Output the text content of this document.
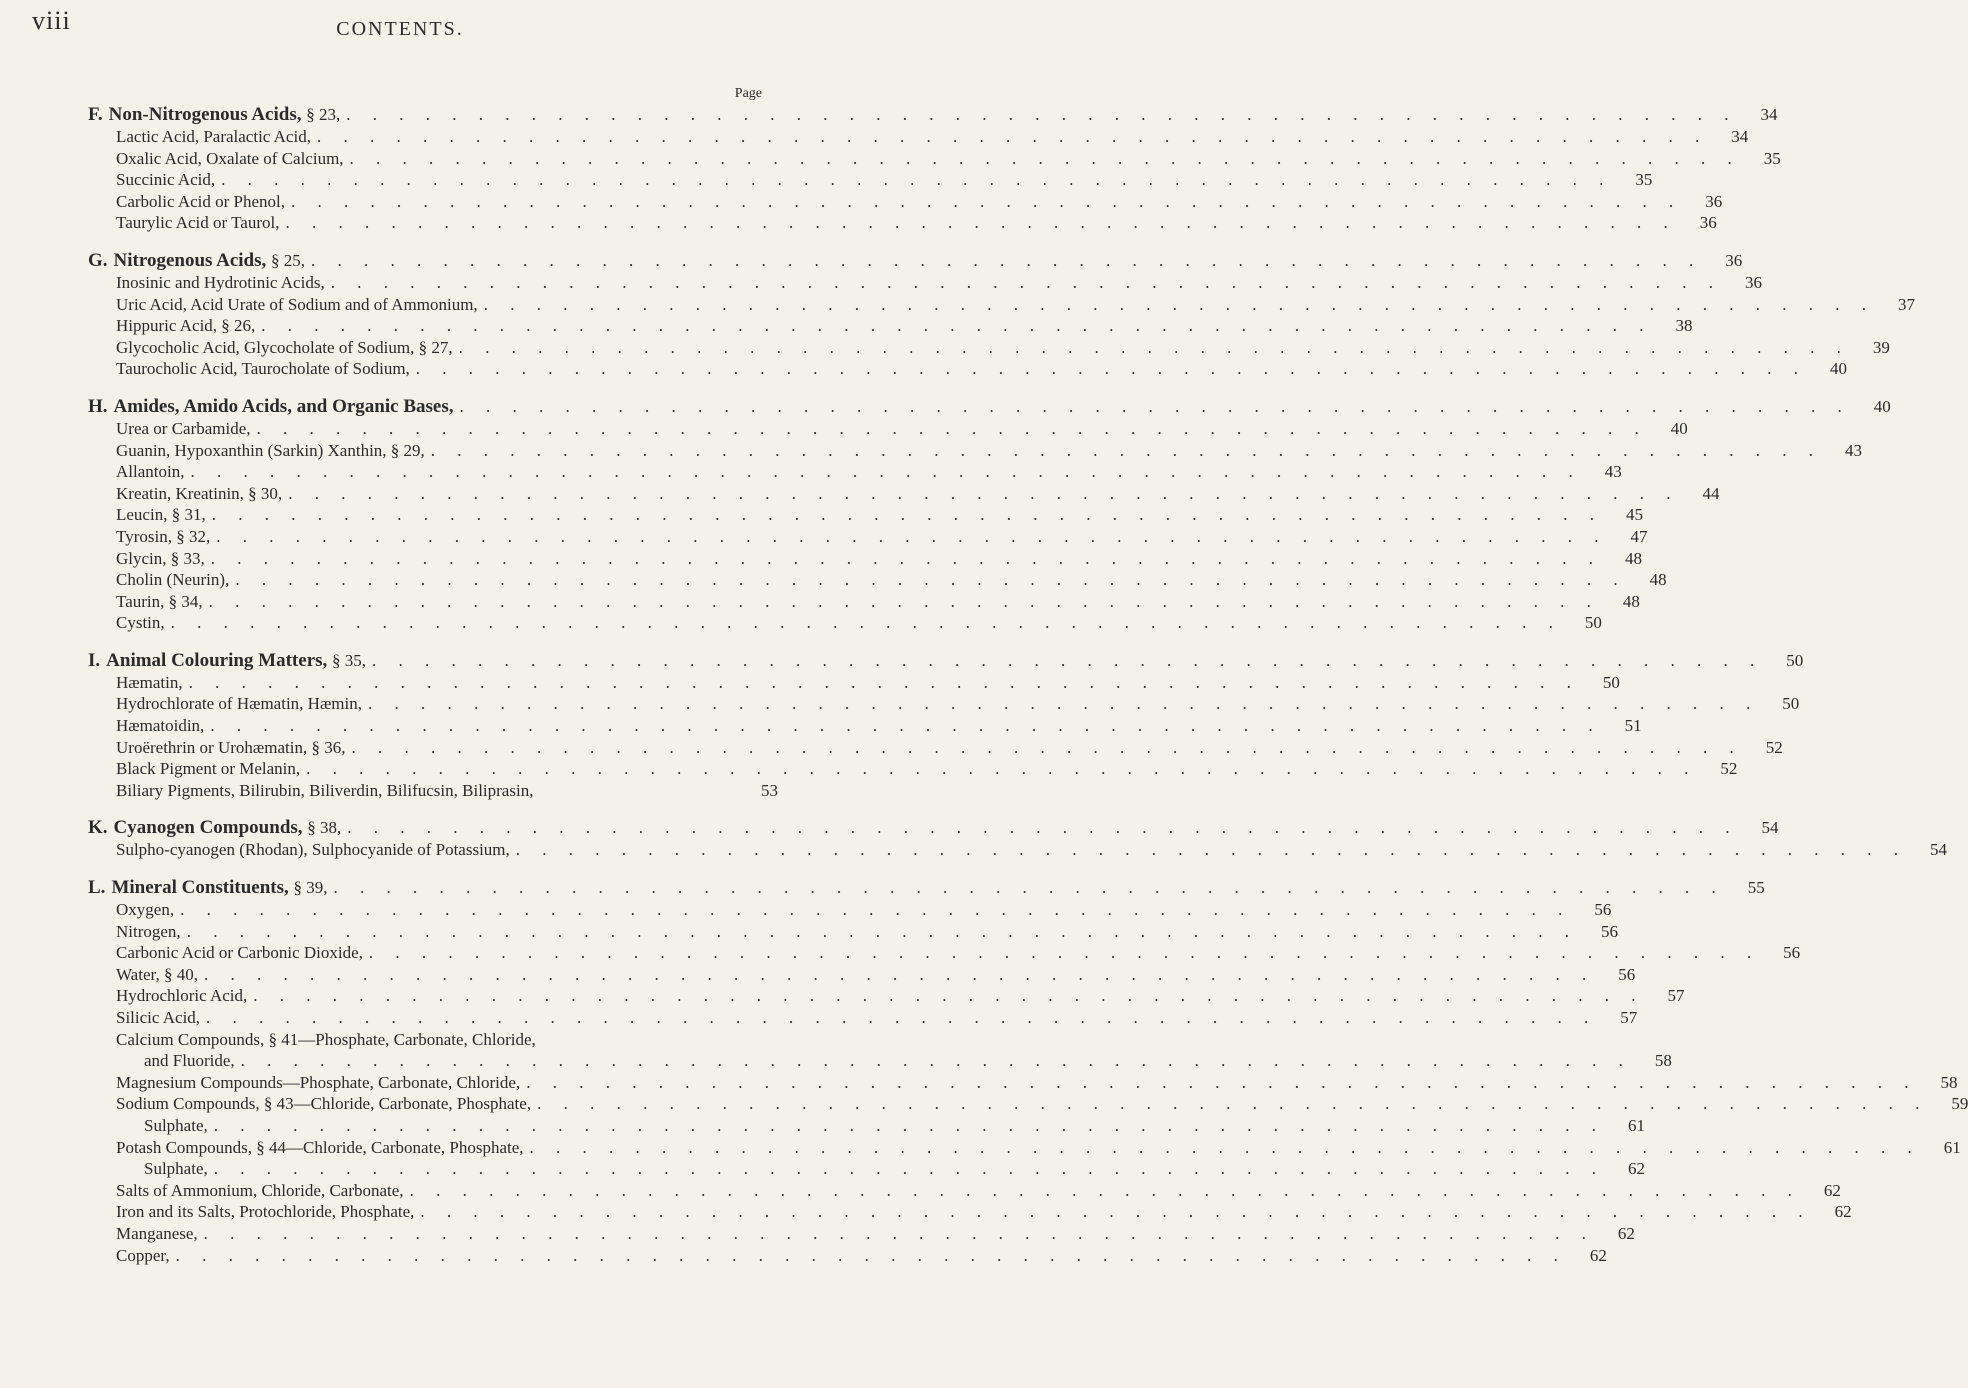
viii	CONTENTS.
Page
F. Non-Nitrogenous Acids, § 23, . . .	34
Lactic Acid, Paralactic Acid, . . .	34
Oxalic Acid, Oxalate of Calcium, . . .	35
Succinic Acid, . . .	35
Carbolic Acid or Phenol, . . .	36
Taurylic Acid or Taurol, . . .	36
G. Nitrogenous Acids, § 25, . . .	36
Inosinic and Hydrotinic Acids, . . .	36
Uric Acid, Acid Urate of Sodium and of Ammonium, . . .	37
Hippuric Acid, § 26, . . .	38
Glycocholic Acid, Glycocholate of Sodium, § 27, . . .	39
Taurocholic Acid, Taurocholate of Sodium, . . .	40
H. Amides, Amido Acids, and Organic Bases, . . .	40
Urea or Carbamide, . . .	40
Guanin, Hypoxanthin (Sarkin) Xanthin, § 29, . . .	43
Allantoin, . . .	43
Kreatin, Kreatinin, § 30, . . .	44
Leucin, § 31, . . .	45
Tyrosin, § 32, . . .	47
Glycin, § 33, . . .	48
Cholin (Neurin), . . .	48
Taurin, § 34, . . .	48
Cystin, . . .	50
I. Animal Colouring Matters, § 35, . . .	50
Hæmatin, . . .	50
Hydrochlorate of Hæmatin, Hæmin, . . .	50
Hæmatoidin, . . .	51
Uroërethrin or Urohæmatin, § 36, . . .	52
Black Pigment or Melanin, . . .	52
Biliary Pigments, Bilirubin, Biliverdin, Bilifucsin, Biliprasin,	53
K. Cyanogen Compounds, § 38, . . .	54
Sulpho-cyanogen (Rhodan), Sulphocyanide of Potassium, . . .	54
L. Mineral Constituents, § 39, . . .	55
Oxygen, . . .	56
Nitrogen, . . .	56
Carbonic Acid or Carbonic Dioxide, . . .	56
Water, § 40, . . .	56
Hydrochloric Acid, . . .	57
Silicic Acid, . . .	57
Calcium Compounds, § 41—Phosphate, Carbonate, Chloride,
and Fluoride, . . .	58
Magnesium Compounds—Phosphate, Carbonate, Chloride, . . .	58
Sodium Compounds, § 43—Chloride, Carbonate, Phosphate, . . .	59
Sulphate, . . .	61
Potash Compounds, § 44—Chloride, Carbonate, Phosphate, . . .	61
Sulphate, . . .	62
Salts of Ammonium, Chloride, Carbonate, . . .	62
Iron and its Salts, Protochloride, Phosphate, . . .	62
Manganese, . . .	62
Copper, . . .	62
